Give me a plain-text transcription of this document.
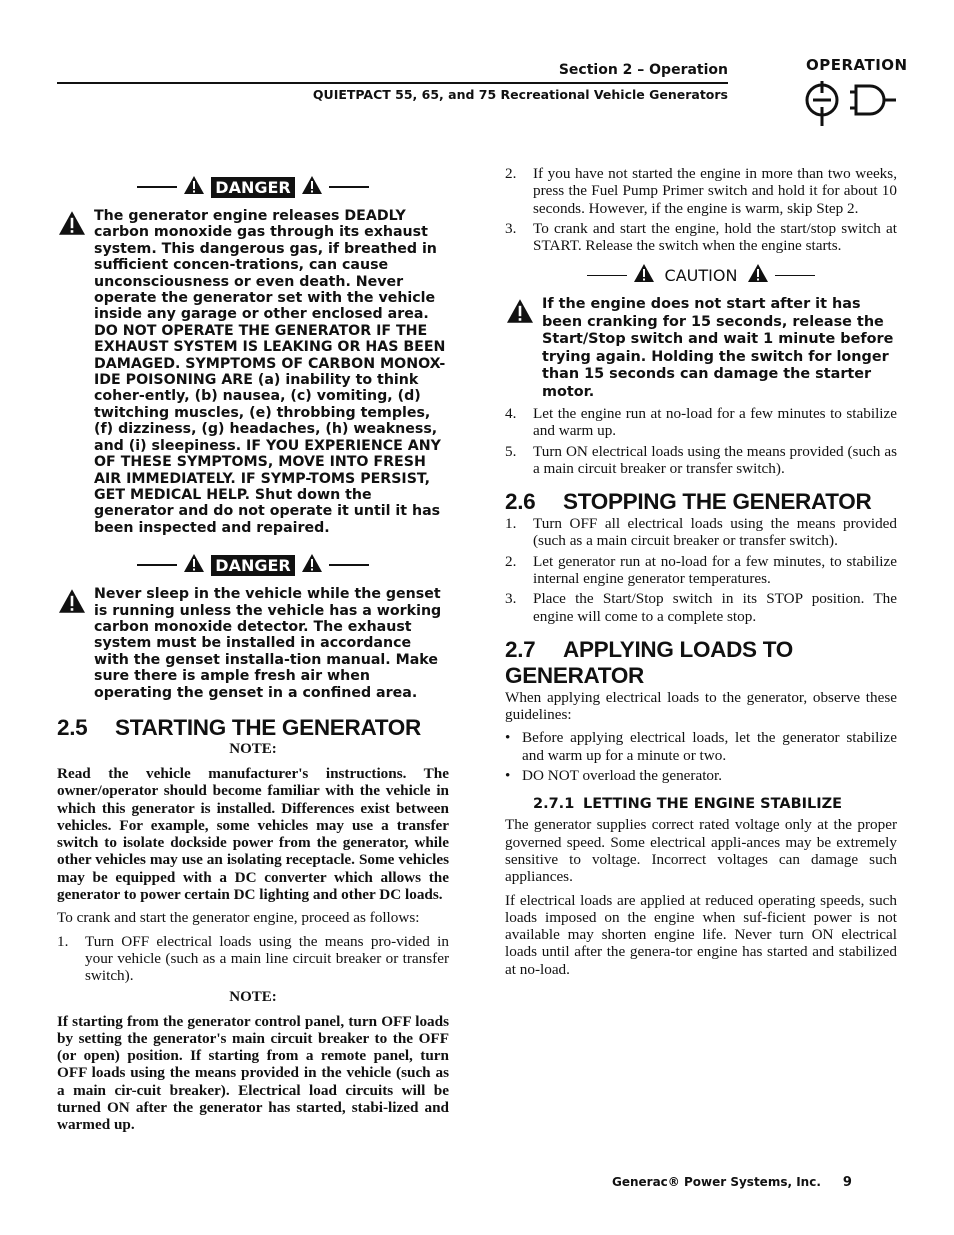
Section 2 – Operation
QUIETPACT 55, 65, and 75 Recreational Vehicle Generators
OPERATION
DANGER
The generator engine releases DEADLY carbon monoxide gas through its exhaust system. This dangerous gas, if breathed in sufficient concen-trations, can cause unconsciousness or even death. Never operate the generator set with the vehicle inside any garage or other enclosed area. DO NOT OPERATE THE GENERATOR IF THE EXHAUST SYSTEM IS LEAKING OR HAS BEEN DAMAGED. SYMPTOMS OF CARBON MONOX-IDE POISONING ARE (a) inability to think coher-ently, (b) nausea, (c) vomiting, (d) twitching muscles, (e) throbbing temples, (f) dizziness, (g) headaches, (h) weakness, and (i) sleepiness. IF YOU EXPERIENCE ANY OF THESE SYMPTOMS, MOVE INTO FRESH AIR IMMEDIATELY. IF SYMP-TOMS PERSIST, GET MEDICAL HELP. Shut down the generator and do not operate it until it has been inspected and repaired.
DANGER
Never sleep in the vehicle while the genset is running unless the vehicle has a working carbon monoxide detector. The exhaust system must be installed in accordance with the genset installa-tion manual. Make sure there is ample fresh air when operating the genset in a confined area.
2.5 STARTING THE GENERATOR
NOTE:
Read the vehicle manufacturer's instructions. The owner/operator should become familiar with the vehicle in which this generator is installed. Differences exist between vehicles. For example, some vehicles may use a transfer switch to isolate dockside power from the generator, while other vehicles may use an isolating receptacle. Some vehicles may be equipped with a DC converter which allows the generator to power certain DC lighting and other DC loads.
To crank and start the generator engine, proceed as follows:
1.	Turn OFF electrical loads using the means pro-vided in your vehicle (such as a main line circuit breaker or transfer switch).
NOTE:
If starting from the generator control panel, turn OFF loads by setting the generator's main circuit breaker to the OFF (or open) position. If starting from a remote panel, turn OFF loads using the means provided in the vehicle (such as a main cir-cuit breaker). Electrical load circuits will be turned ON after the generator has started, stabi-lized and warmed up.
2.	If you have not started the engine in more than two weeks, press the Fuel Pump Primer switch and hold it for about 10 seconds. However, if the engine is warm, skip Step 2.
3.	To crank and start the engine, hold the start/stop switch at START. Release the switch when the engine starts.
CAUTION
If the engine does not start after it has been cranking for 15 seconds, release the Start/Stop switch and wait 1 minute before trying again. Holding the switch for longer than 15 seconds can damage the starter motor.
4.	Let the engine run at no-load for a few minutes to stabilize and warm up.
5.	Turn ON electrical loads using the means provided (such as a main circuit breaker or transfer switch).
2.6 STOPPING THE GENERATOR
1.	Turn OFF all electrical loads using the means provided (such as a main circuit breaker or transfer switch).
2.	Let generator run at no-load for a few minutes, to stabilize internal engine generator temperatures.
3.	Place the Start/Stop switch in its STOP position. The engine will come to a complete stop.
2.7 APPLYING LOADS TO GENERATOR
When applying electrical loads to the generator, observe these guidelines:
• Before applying electrical loads, let the generator stabilize and warm up for a minute or two.
• DO NOT overload the generator.
2.7.1 LETTING THE ENGINE STABILIZE
The generator supplies correct rated voltage only at the proper governed speed. Some electrical appli-ances may be extremely sensitive to voltage. Incorrect voltages can damage such appliances.
If electrical loads are applied at reduced operating speeds, such loads imposed on the engine when suf-ficient power is not available may shorten engine life. Never turn ON electrical loads until after the genera-tor engine has started and stabilized at no-load.
Generac® Power Systems, Inc. 9
